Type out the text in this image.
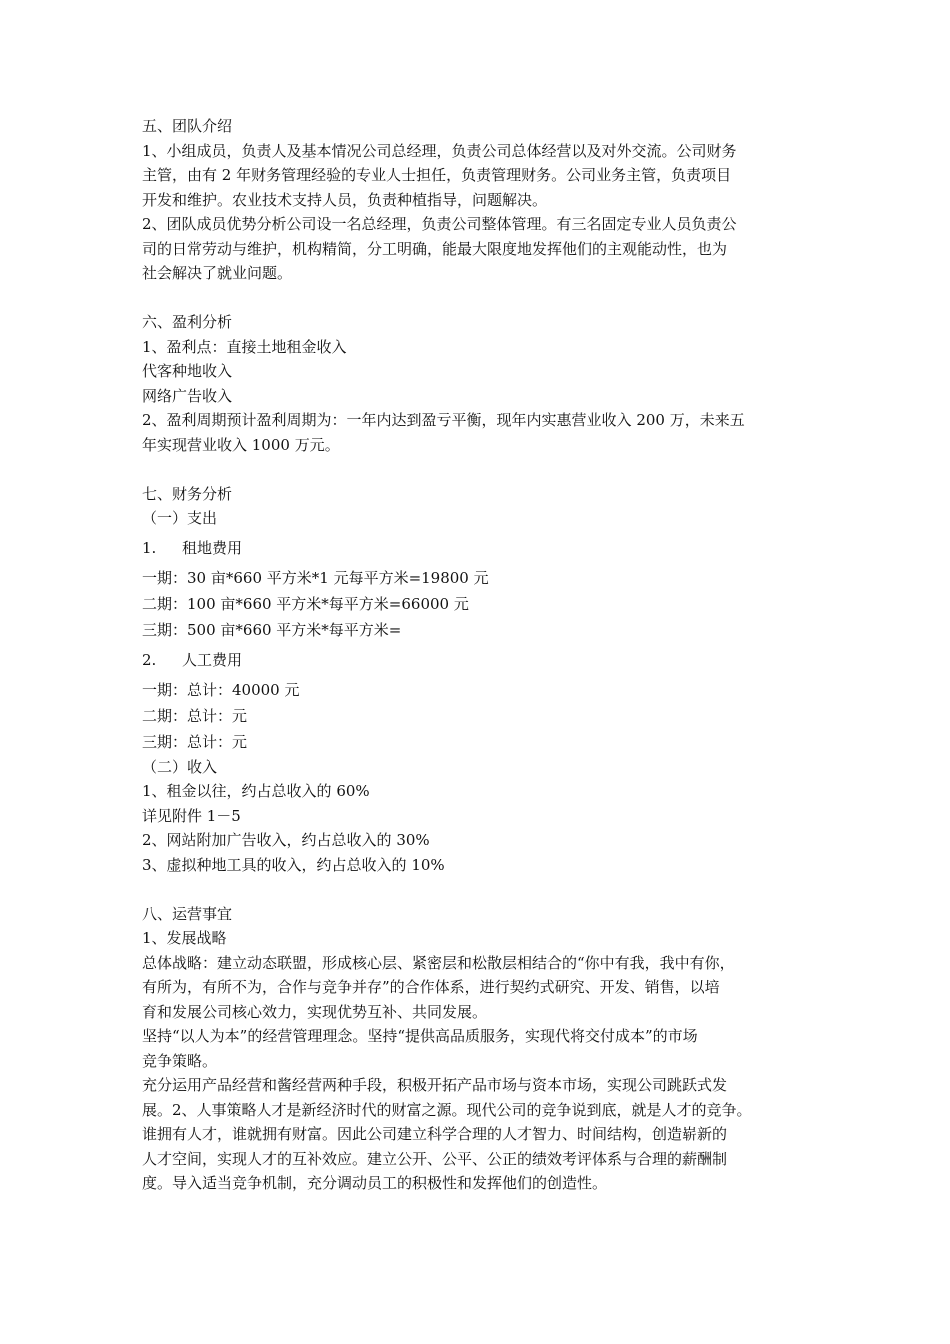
五、团队介绍
1、小组成员，负责人及基本情况公司总经理，负责公司总体经营以及对外交流。公司财务
主管，由有 2 年财务管理经验的专业人士担任，负责管理财务。公司业务主管，负责项目
开发和维护。农业技术支持人员，负责种植指导，问题解决。
2、团队成员优势分析公司设一名总经理，负责公司整体管理。有三名固定专业人员负责公
司的日常劳动与维护，机构精简，分工明确，能最大限度地发挥他们的主观能动性，也为
社会解决了就业问题。
六、盈利分析
1、盈利点：直接土地租金收入
代客种地收入
网络广告收入
2、盈利周期预计盈利周期为：一年内达到盈亏平衡，现年内实惠营业收入 200 万，未来五
年实现营业收入 1000 万元。
七、财务分析
（一）支出
1. 租地费用
一期：30 亩*660 平方米*1 元每平方米=19800 元
二期：100 亩*660 平方米*每平方米=66000 元
三期：500 亩*660 平方米*每平方米=
2. 人工费用
一期：总计：40000 元
二期：总计：元
三期：总计：元
（二）收入
1、租金以往，约占总收入的 60%
详见附件 1－5
2、网站附加广告收入，约占总收入的 30%
3、虚拟种地工具的收入，约占总收入的 10%
八、运营事宜
1、发展战略
总体战略：建立动态联盟，形成核心层、紧密层和松散层相结合的“你中有我，我中有你，
有所为，有所不为，合作与竞争并存”的合作体系，进行契约式研究、开发、销售，以培
育和发展公司核心效力，实现优势互补、共同发展。
坚持“以人为本”的经营管理理念。坚持“提供高品质服务，实现代将交付成本”的市场
竞争策略。
充分运用产品经营和酱经营两种手段，积极开拓产品市场与资本市场，实现公司跳跃式发
展。2、人事策略人才是新经济时代的财富之源。现代公司的竞争说到底，就是人才的竞争。
谁拥有人才，谁就拥有财富。因此公司建立科学合理的人才智力、时间结构，创造崭新的
人才空间，实现人才的互补效应。建立公开、公平、公正的绩效考评体系与合理的薪酬制
度。导入适当竞争机制，充分调动员工的积极性和发挥他们的创造性。
